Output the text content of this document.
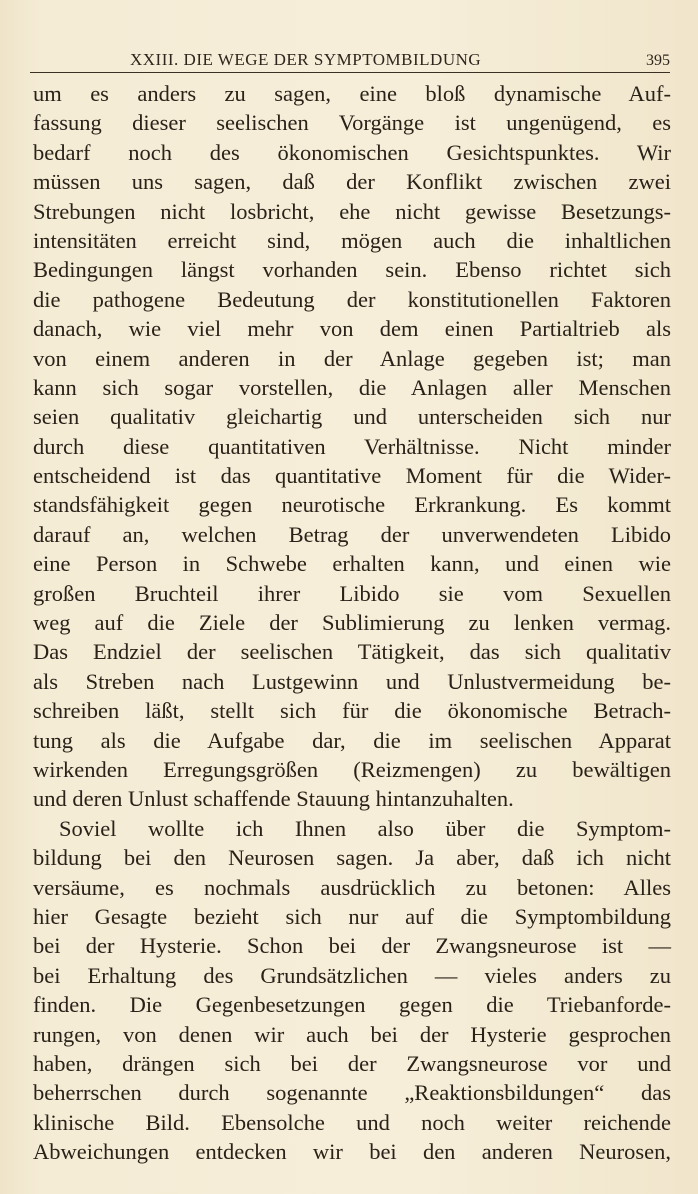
XXIII. DIE WEGE DER SYMPTOMBILDUNG	395
um es anders zu sagen, eine bloß dynamische Auf-
fassung dieser seelischen Vorgänge ist ungenügend, es
bedarf noch des ökonomischen Gesichtspunktes. Wir
müssen uns sagen, daß der Konflikt zwischen zwei
Strebungen nicht losbricht, ehe nicht gewisse Besetzungs-
intensitäten erreicht sind, mögen auch die inhaltlichen
Bedingungen längst vorhanden sein. Ebenso richtet sich
die pathogene Bedeutung der konstitutionellen Faktoren
danach, wie viel mehr von dem einen Partialtrieb als
von einem anderen in der Anlage gegeben ist; man
kann sich sogar vorstellen, die Anlagen aller Menschen
seien qualitativ gleichartig und unterscheiden sich nur
durch diese quantitativen Verhältnisse. Nicht minder
entscheidend ist das quantitative Moment für die Wider-
standsfähigkeit gegen neurotische Erkrankung. Es kommt
darauf an, welchen Betrag der unverwendeten Libido
eine Person in Schwebe erhalten kann, und einen wie
großen Bruchteil ihrer Libido sie vom Sexuellen
weg auf die Ziele der Sublimierung zu lenken vermag.
Das Endziel der seelischen Tätigkeit, das sich qualitativ
als Streben nach Lustgewinn und Unlustvermeidung be-
schreiben läßt, stellt sich für die ökonomische Betrach-
tung als die Aufgabe dar, die im seelischen Apparat
wirkenden Erregungsgrößen (Reizmengen) zu bewältigen
und deren Unlust schaffende Stauung hintanzuhalten.
Soviel wollte ich Ihnen also über die Symptom-
bildung bei den Neurosen sagen. Ja aber, daß ich nicht
versäume, es nochmals ausdrücklich zu betonen: Alles
hier Gesagte bezieht sich nur auf die Symptombildung
bei der Hysterie. Schon bei der Zwangsneurose ist —
bei Erhaltung des Grundsätzlichen — vieles anders zu
finden. Die Gegenbesetzungen gegen die Triebanforde-
rungen, von denen wir auch bei der Hysterie gesprochen
haben, drängen sich bei der Zwangsneurose vor und
beherrschen durch sogenannte „Reaktionsbildungen“ das
klinische Bild. Ebensolche und noch weiter reichende
Abweichungen entdecken wir bei den anderen Neurosen,
